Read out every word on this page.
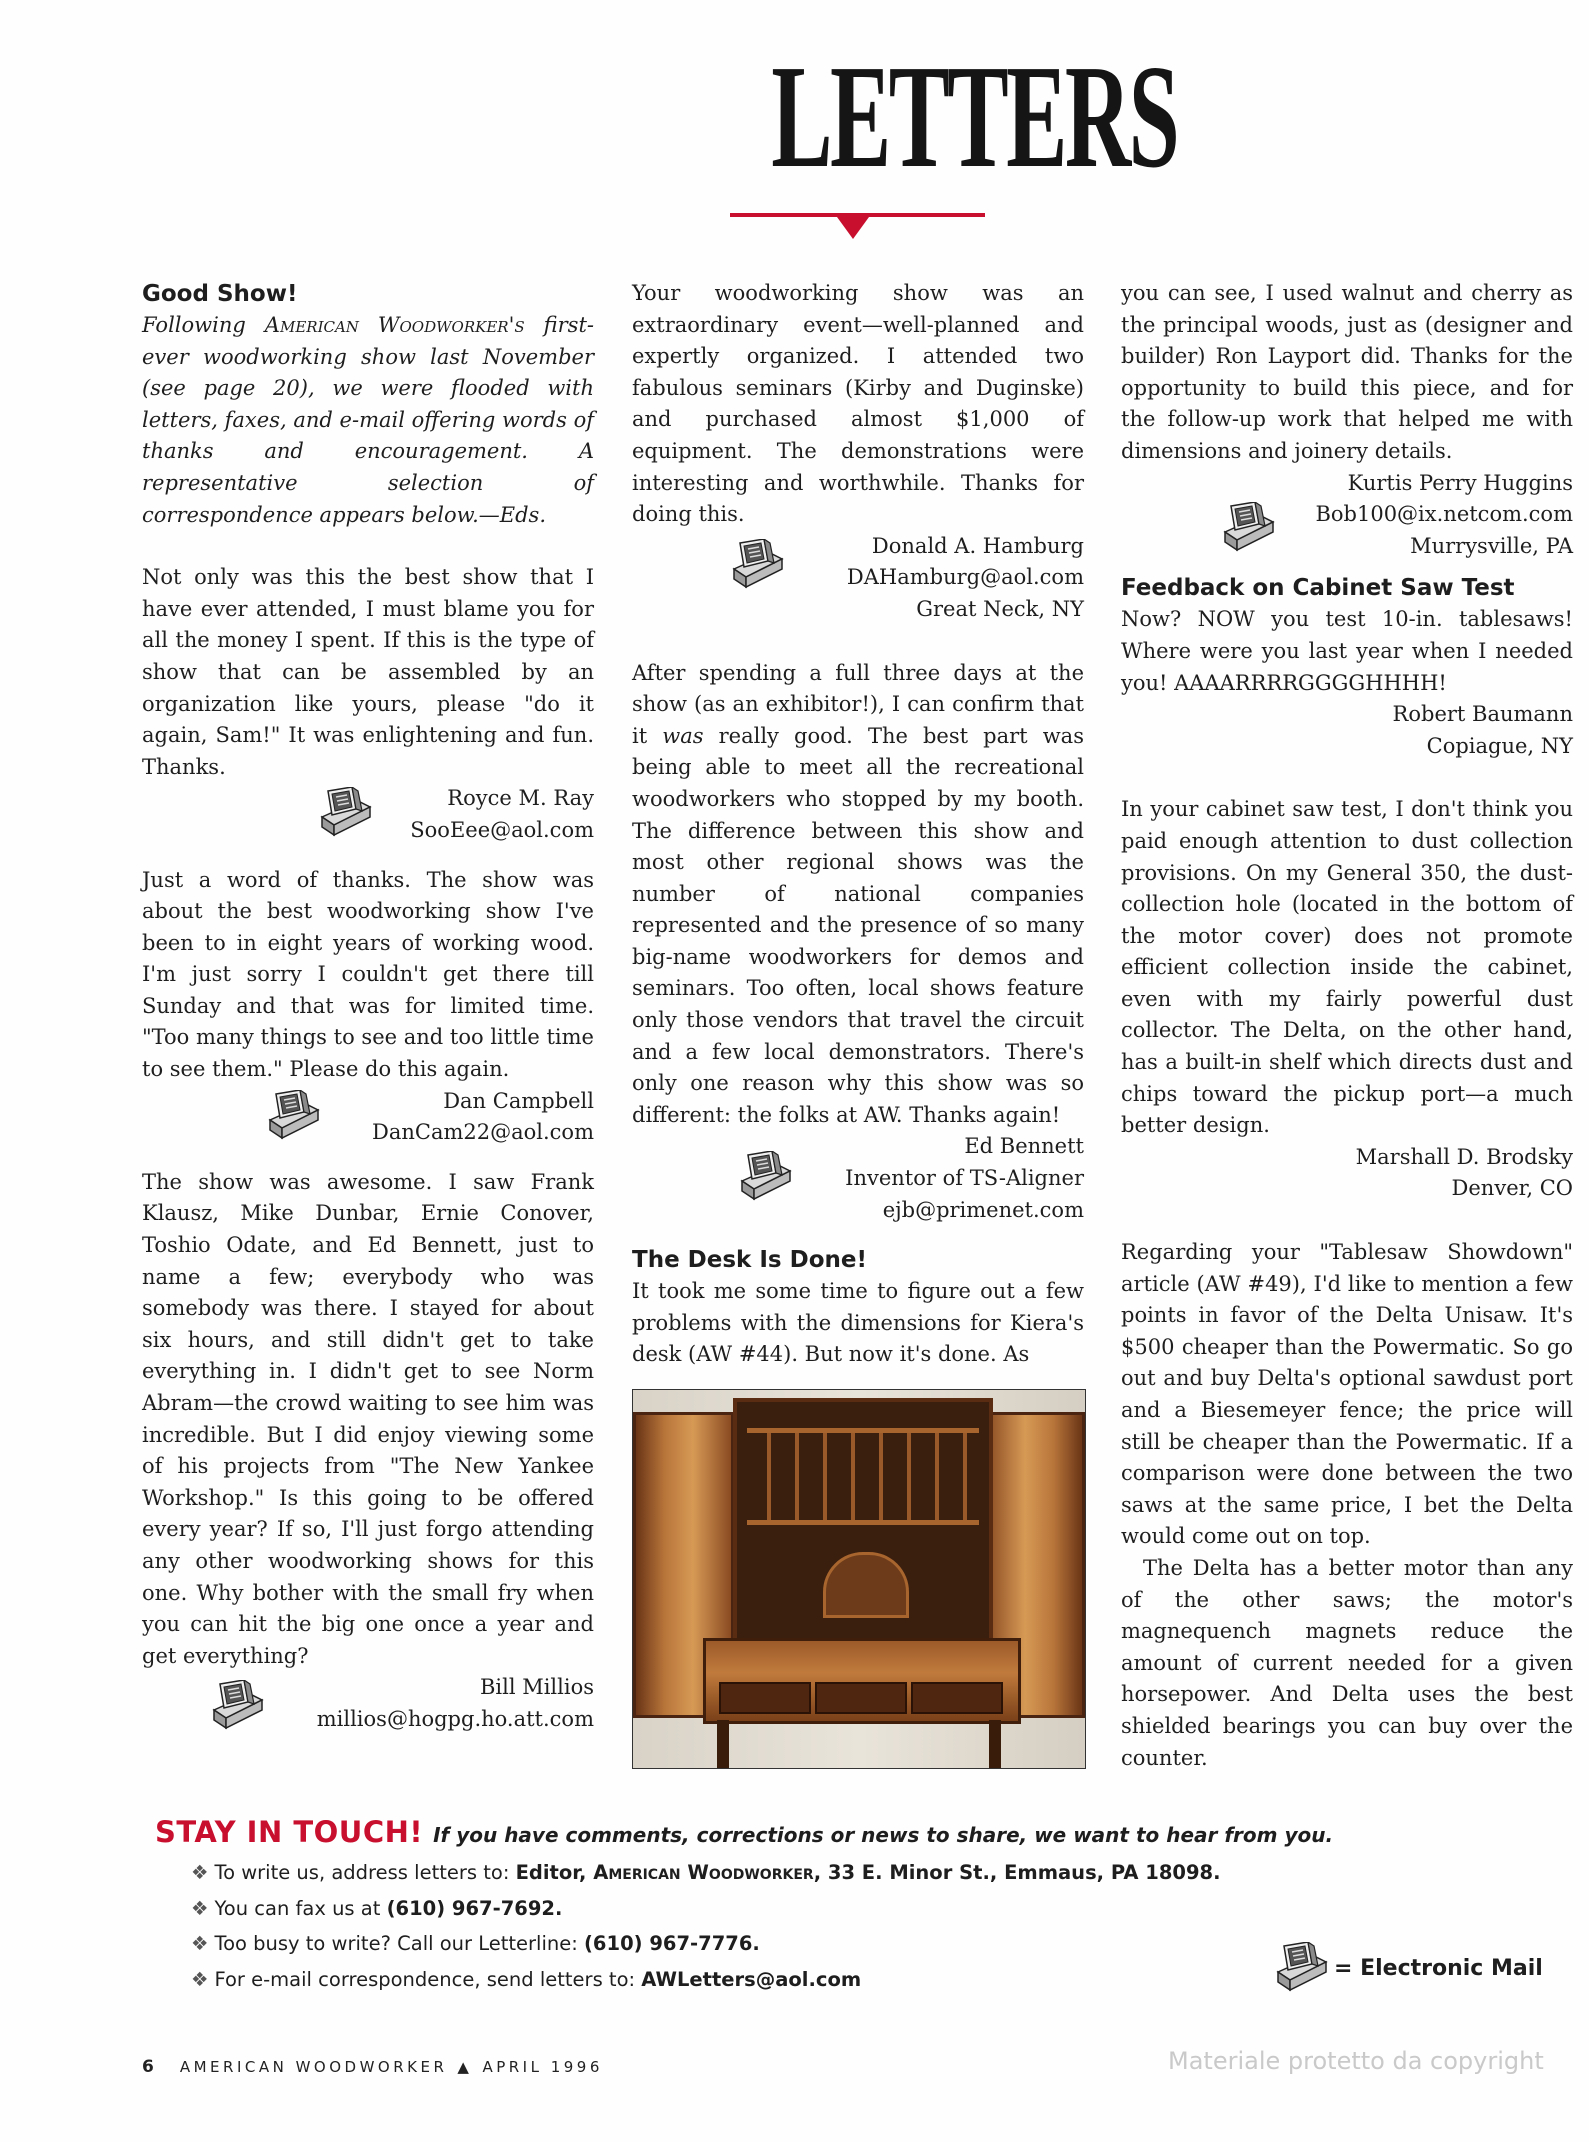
LETTERS
Good Show!

Following American Woodworker's first-ever woodworking show last November (see page 20), we were flooded with letters, faxes, and e-mail offering words of thanks and encouragement. A representative selection of correspondence appears below.—Eds.

Not only was this the best show that I have ever attended, I must blame you for all the money I spent. If this is the type of show that can be assembled by an organization like yours, please "do it again, Sam!" It was enlightening and fun. Thanks.

Royce M. Ray
SooEee@aol.com

Just a word of thanks. The show was about the best woodworking show I've been to in eight years of working wood. I'm just sorry I couldn't get there till Sunday and that was for limited time. "Too many things to see and too little time to see them." Please do this again.

Dan Campbell
DanCam22@aol.com

The show was awesome. I saw Frank Klausz, Mike Dunbar, Ernie Conover, Toshio Odate, and Ed Bennett, just to name a few; everybody who was somebody was there. I stayed for about six hours, and still didn't get to take everything in. I didn't get to see Norm Abram—the crowd waiting to see him was incredible. But I did enjoy viewing some of his projects from "The New Yankee Workshop." Is this going to be offered every year? If so, I'll just forgo attending any other woodworking shows for this one. Why bother with the small fry when you can hit the big one once a year and get everything?

Bill Millios
millios@hogpg.ho.att.com

Your woodworking show was an extraordinary event—well-planned and expertly organized. I attended two fabulous seminars (Kirby and Duginske) and purchased almost $1,000 of equipment. The demonstrations were interesting and worthwhile. Thanks for doing this.

Donald A. Hamburg
DAHamburg@aol.com
Great Neck, NY

After spending a full three days at the show (as an exhibitor!), I can confirm that it was really good. The best part was being able to meet all the recreational woodworkers who stopped by my booth. The difference between this show and most other regional shows was the number of national companies represented and the presence of so many big-name woodworkers for demos and seminars. Too often, local shows feature only those vendors that travel the circuit and a few local demonstrators. There's only one reason why this show was so different: the folks at AW. Thanks again!

Ed Bennett
Inventor of TS-Aligner
ejb@primenet.com
The Desk Is Done!

It took me some time to figure out a few problems with the dimensions for Kiera's desk (AW #44). But now it's done. As

you can see, I used walnut and cherry as the principal woods, just as (designer and builder) Ron Layport did. Thanks for the opportunity to build this piece, and for the follow-up work that helped me with dimensions and joinery details.

Kurtis Perry Huggins
Bob100@ix.netcom.com
Murrysville, PA
Feedback on Cabinet Saw Test

Now? NOW you test 10-in. tablesaws! Where were you last year when I needed you! AAAARRRRGGGGHHHH!

Robert Baumann
Copiague, NY

In your cabinet saw test, I don't think you paid enough attention to dust collection provisions. On my General 350, the dust-collection hole (located in the bottom of the motor cover) does not promote efficient collection inside the cabinet, even with my fairly powerful dust collector. The Delta, on the other hand, has a built-in shelf which directs dust and chips toward the pickup port—a much better design.

Marshall D. Brodsky
Denver, CO

Regarding your "Tablesaw Showdown" article (AW #49), I'd like to mention a few points in favor of the Delta Unisaw. It's $500 cheaper than the Powermatic. So go out and buy Delta's optional sawdust port and a Biesemeyer fence; the price will still be cheaper than the Powermatic. If a comparison were done between the two saws at the same price, I bet the Delta would come out on top.

The Delta has a better motor than any of the other saws; the motor's magnequench magnets reduce the amount of current needed for a given horsepower. And Delta uses the best shielded bearings you can buy over the counter.

STAY IN TOUCH! If you have comments, corrections or news to share, we want to hear from you.
❖ To write us, address letters to: Editor, American Woodworker, 33 E. Minor St., Emmaus, PA 18098.
❖ You can fax us at (610) 967-7692.
❖ Too busy to write? Call our Letterline: (610) 967-7776.
❖ For e-mail correspondence, send letters to: AWLetters@aol.com	= Electronic Mail
6 AMERICAN WOODWORKER ▲ APRIL 1996	Materiale protetto da copyright
